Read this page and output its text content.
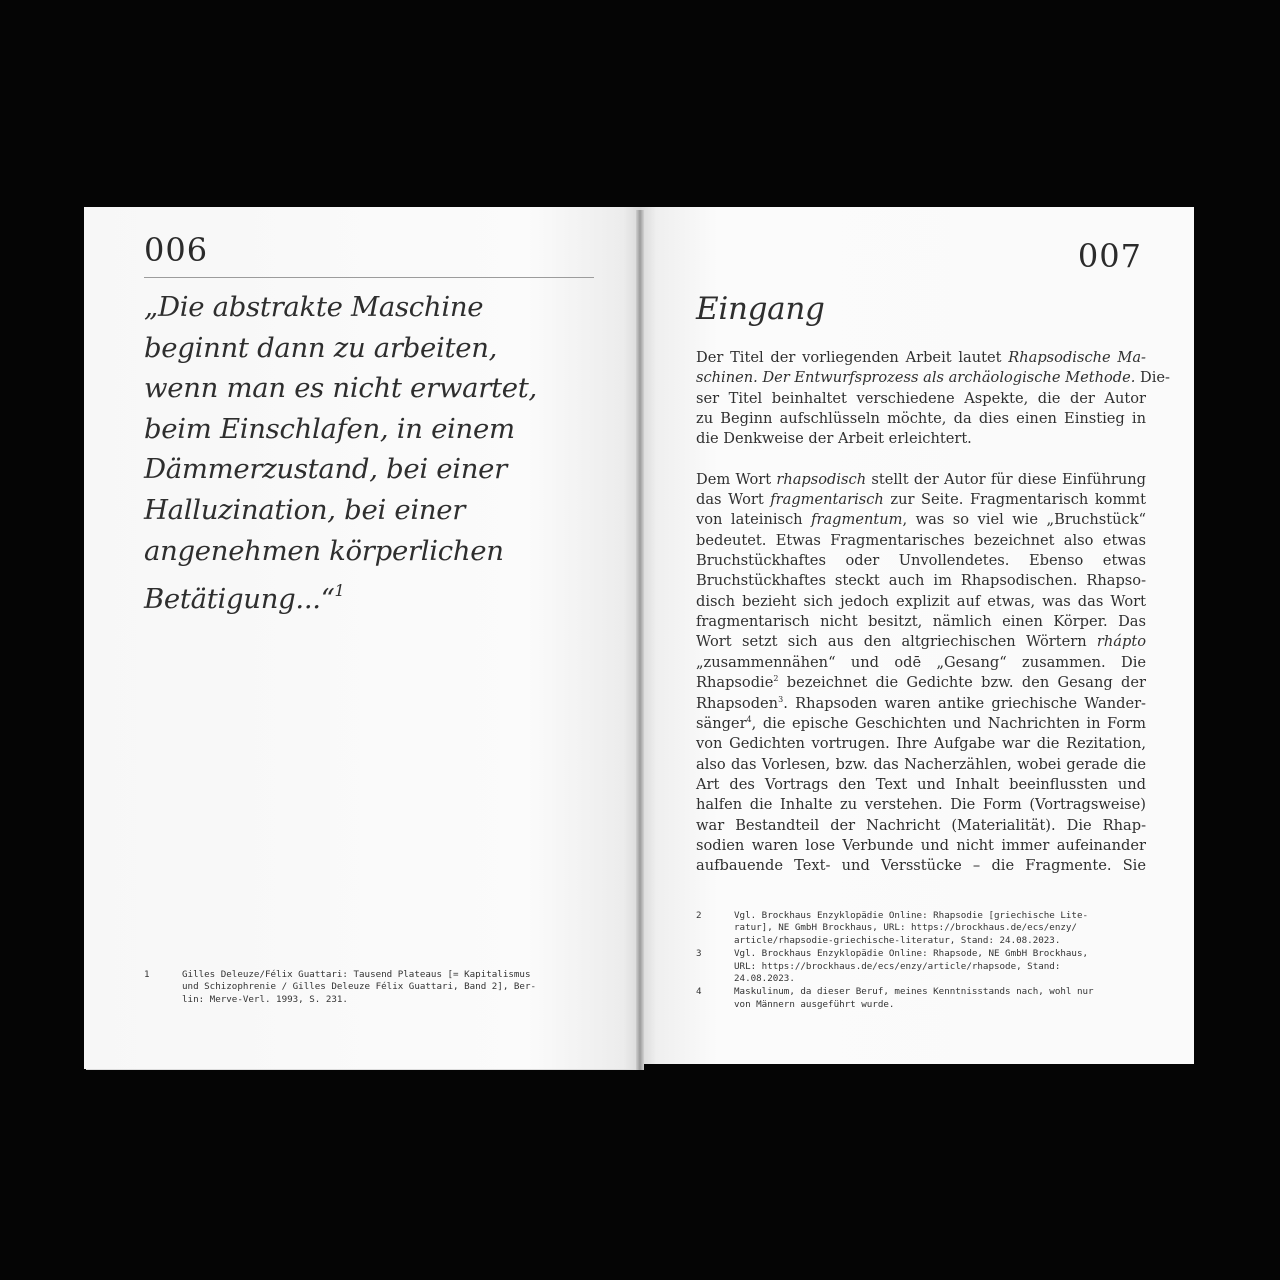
006

„Die abstrakte Maschine
beginnt dann zu arbeiten,
wenn man es nicht erwartet,
beim Einschlafen, in einem
Dämmerzustand, bei einer
Halluzination, bei einer
angenehmen körperlichen
Betätigung...“$^1$

1	Gilles Deleuze/Félix Guattari: Tausend Plateaus [= Kapitalismus
und Schizophrenie / Gilles Deleuze Félix Guattari, Band 2], Ber-
lin: Merve-Verl. 1993, S. 231.
007
Eingang
Der Titel der vorliegenden Arbeit lautet Rhapsodische Ma-
schinen. Der Entwurfsprozess als archäologische Methode. Die-
ser Titel beinhaltet verschiedene Aspekte, die der Autor
zu Beginn aufschlüsseln möchte, da dies einen Einstieg in
die Denkweise der Arbeit erleichtert.
Dem Wort rhapsodisch stellt der Autor für diese Einführung
das Wort fragmentarisch zur Seite. Fragmentarisch kommt
von lateinisch fragmentum, was so viel wie „Bruchstück“
bedeutet. Etwas Fragmentarisches bezeichnet also etwas
Bruchstückhaftes oder Unvollendetes. Ebenso etwas
Bruchstückhaftes steckt auch im Rhapsodischen. Rhapso-
disch bezieht sich jedoch explizit auf etwas, was das Wort
fragmentarisch nicht besitzt, nämlich einen Körper. Das
Wort setzt sich aus den altgriechischen Wörtern rháptо
„zusammennähen“ und odē „Gesang“ zusammen. Die
Rhapsodie$^2$ bezeichnet die Gedichte bzw. den Gesang der
Rhapsoden$^3$. Rhapsoden waren antike griechische Wander-
sänger$^4$, die epische Geschichten und Nachrichten in Form
von Gedichten vortrugen. Ihre Aufgabe war die Rezitation,
also das Vorlesen, bzw. das Nacherzählen, wobei gerade die
Art des Vortrags den Text und Inhalt beeinflussten und
halfen die Inhalte zu verstehen. Die Form (Vortragsweise)
war Bestandteil der Nachricht (Materialität). Die Rhap-
sodien waren lose Verbunde und nicht immer aufeinander
aufbauende Text- und Versstücke – die Fragmente. Sie
2	Vgl. Brockhaus Enzyklopädie Online: Rhapsodie [griechische Lite-
ratur], NE GmbH Brockhaus, URL: https://brockhaus.de/ecs/enzy/
article/rhapsodie-griechische-literatur, Stand: 24.08.2023.
3	Vgl. Brockhaus Enzyklopädie Online: Rhapsode, NE GmbH Brockhaus,
URL: https://brockhaus.de/ecs/enzy/article/rhapsode, Stand:
24.08.2023.
4	Maskulinum, da dieser Beruf, meines Kenntnisstands nach, wohl nur
von Männern ausgeführt wurde.
